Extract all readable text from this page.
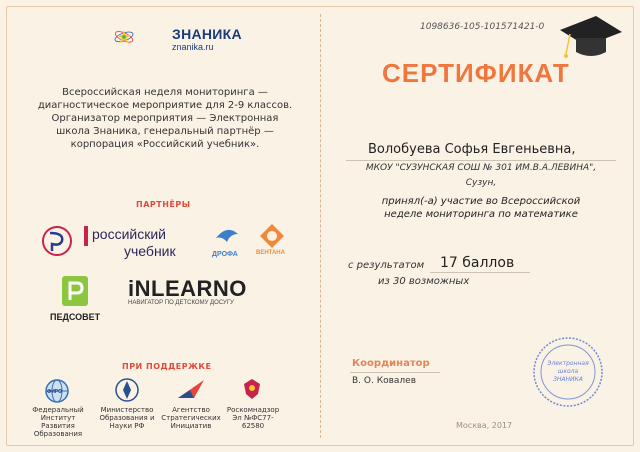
ЗНАНИКА
znanika.ru
Всероссийская неделя мониторинга — диагностическое мероприятие для 2-9 классов. Организатор мероприятия — Электронная школа Знаника, генеральный партнёр — корпорация «Российский учебник».
ПАРТНЁРЫ
российский
учебник	ДРОФА	ВЕНТАНА
ПЕДСОВЕТ
iNLEARNO
НАВИГАТОР ПО ДЕТСКОМУ ДОСУГУ
ПРИ ПОДДЕРЖКЕ
ФИРО
Федеральный Институт Развития Образования
Министерство Образования и Науки РФ
Агентство Стратегических Инициатив
Роскомнадзор Эл №ФС77-62580
1098636-105-101571421-0
СЕРТИФИКАТ
Волобуева Софья Евгеньевна,
МКОУ "СУЗУНСКАЯ СОШ № 301 ИМ.В.А.ЛЕВИНА",
Сузун,
принял(-а) участие во Всероссийской
неделе мониторинга по математике
с результатом 17 баллов
из 30 возможных
Координатор
В. О. Ковалев
Электронная школа ЗНАНИКА
Москва, 2017
